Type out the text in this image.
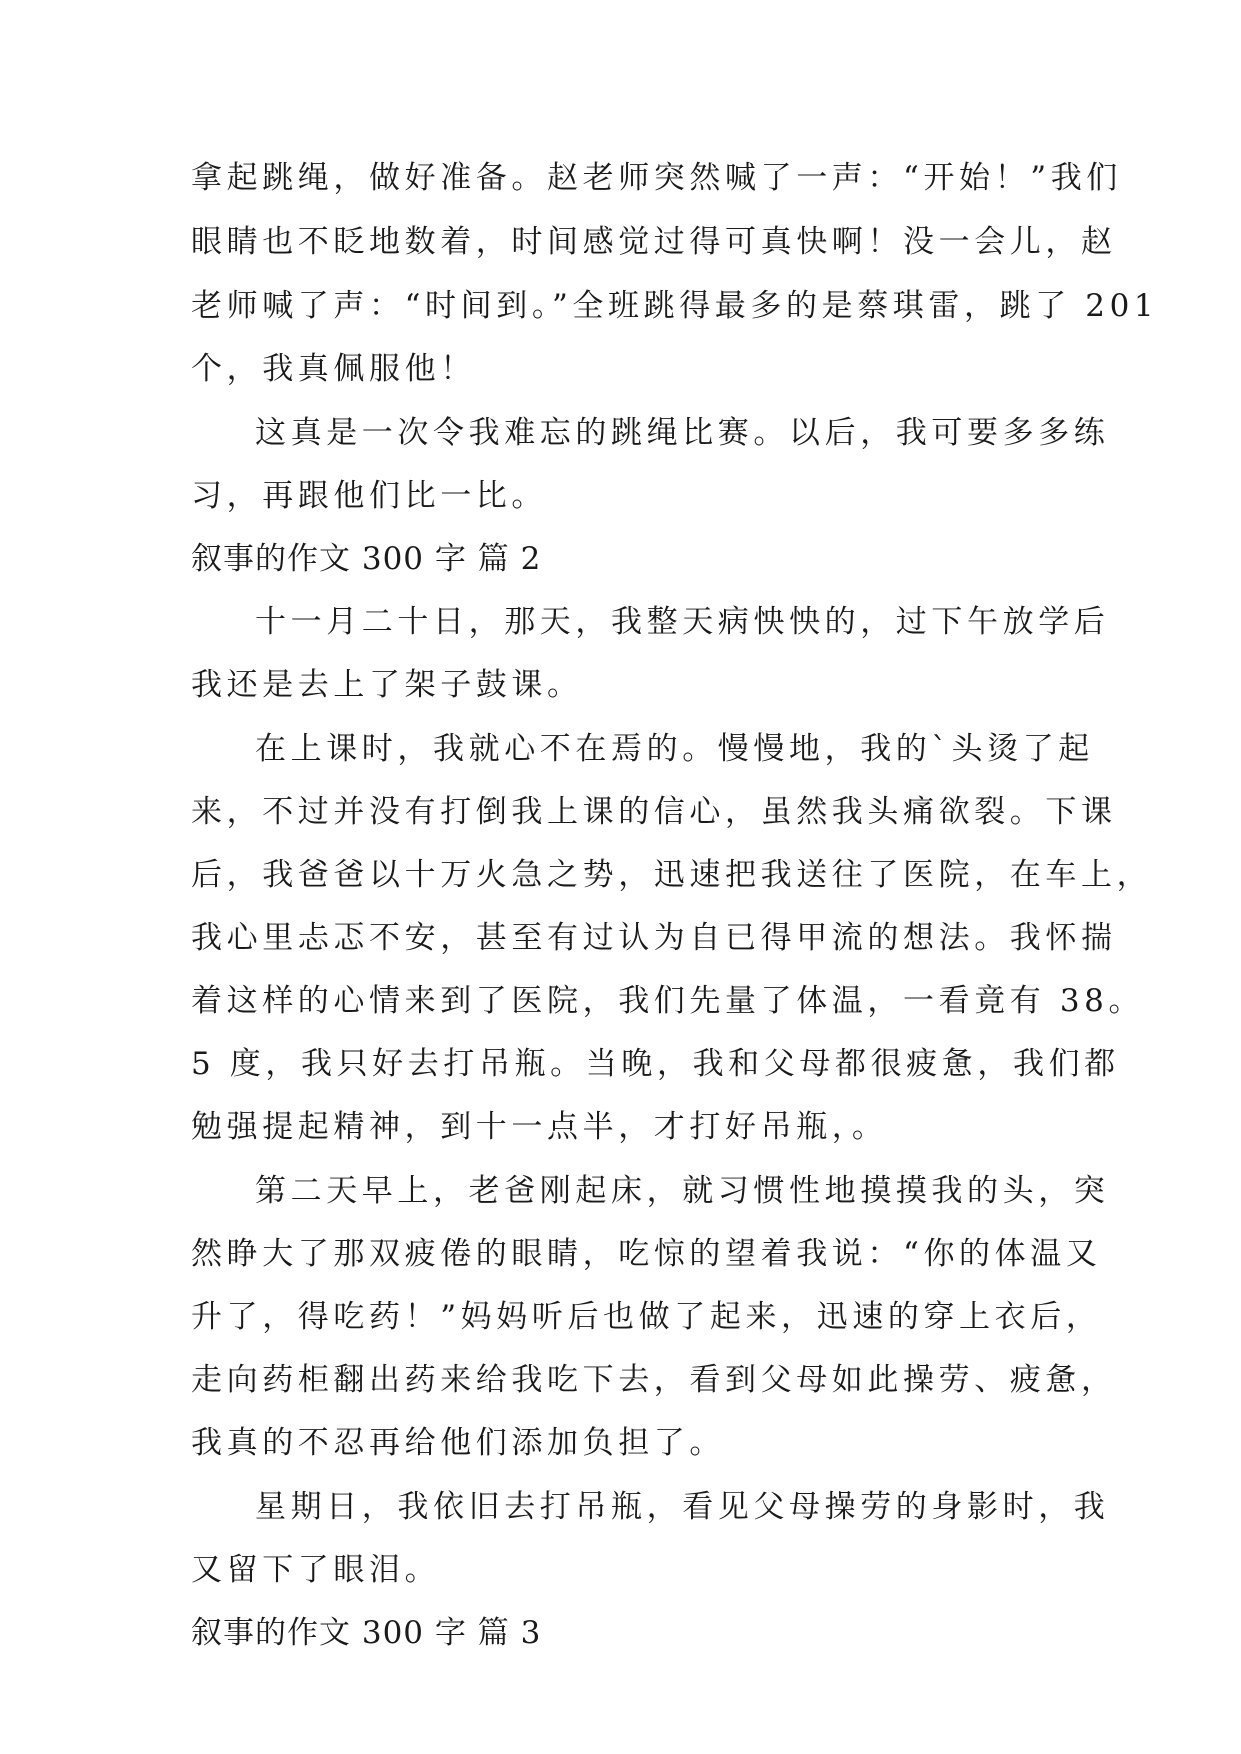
拿起跳绳，做好准备。赵老师突然喊了一声：“开始！”我们
眼睛也不眨地数着，时间感觉过得可真快啊！没一会儿，赵
老师喊了声：“时间到。”全班跳得最多的是蔡琪雷，跳了 201
个，我真佩服他！
这真是一次令我难忘的跳绳比赛。以后，我可要多多练
习，再跟他们比一比。
叙事的作文 300 字 篇 2
十一月二十日，那天，我整天病怏怏的，过下午放学后
我还是去上了架子鼓课。
在上课时，我就心不在焉的。慢慢地，我的`头烫了起
来，不过并没有打倒我上课的信心，虽然我头痛欲裂。下课
后，我爸爸以十万火急之势，迅速把我送往了医院，在车上，
我心里忐忑不安，甚至有过认为自已得甲流的想法。我怀揣
着这样的心情来到了医院，我们先量了体温，一看竟有 38。
5 度，我只好去打吊瓶。当晚，我和父母都很疲惫，我们都
勉强提起精神，到十一点半，才打好吊瓶，。
第二天早上，老爸刚起床，就习惯性地摸摸我的头，突
然睁大了那双疲倦的眼睛，吃惊的望着我说：“你的体温又
升了，得吃药！”妈妈听后也做了起来，迅速的穿上衣后，
走向药柜翻出药来给我吃下去，看到父母如此操劳、疲惫，
我真的不忍再给他们添加负担了。
星期日，我依旧去打吊瓶，看见父母操劳的身影时，我
又留下了眼泪。
叙事的作文 300 字 篇 3
